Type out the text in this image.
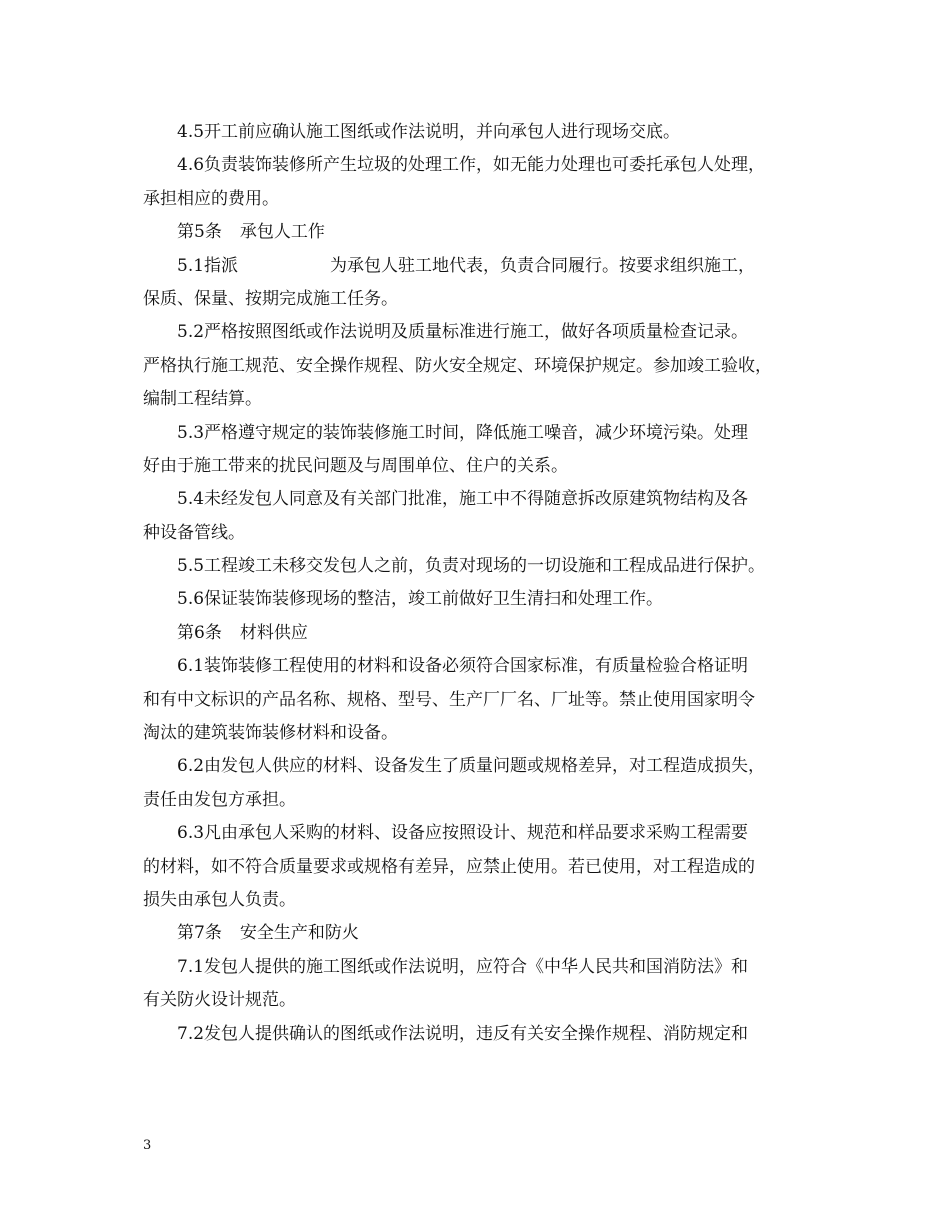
4.5开工前应确认施工图纸或作法说明，并向承包人进行现场交底。
4.6负责装饰装修所产生垃圾的处理工作，如无能力处理也可委托承包人处理，
承担相应的费用。
第5条 承包人工作
5.1指派	为承包人驻工地代表，负责合同履行。按要求组织施工，
保质、保量、按期完成施工任务。
5.2严格按照图纸或作法说明及质量标准进行施工，做好各项质量检查记录。
严格执行施工规范、安全操作规程、防火安全规定、环境保护规定。参加竣工验收，
编制工程结算。
5.3严格遵守规定的装饰装修施工时间，降低施工噪音，减少环境污染。处理
好由于施工带来的扰民问题及与周围单位、住户的关系。
5.4未经发包人同意及有关部门批准，施工中不得随意拆改原建筑物结构及各
种设备管线。
5.5工程竣工未移交发包人之前，负责对现场的一切设施和工程成品进行保护。
5.6保证装饰装修现场的整洁，竣工前做好卫生清扫和处理工作。
第6条 材料供应
6.1装饰装修工程使用的材料和设备必须符合国家标准，有质量检验合格证明
和有中文标识的产品名称、规格、型号、生产厂厂名、厂址等。禁止使用国家明令
淘汰的建筑装饰装修材料和设备。
6.2由发包人供应的材料、设备发生了质量问题或规格差异，对工程造成损失，
责任由发包方承担。
6.3凡由承包人采购的材料、设备应按照设计、规范和样品要求采购工程需要
的材料，如不符合质量要求或规格有差异，应禁止使用。若已使用，对工程造成的
损失由承包人负责。
第7条 安全生产和防火
7.1发包人提供的施工图纸或作法说明，应符合《中华人民共和国消防法》和
有关防火设计规范。
7.2发包人提供确认的图纸或作法说明，违反有关安全操作规程、消防规定和
3
